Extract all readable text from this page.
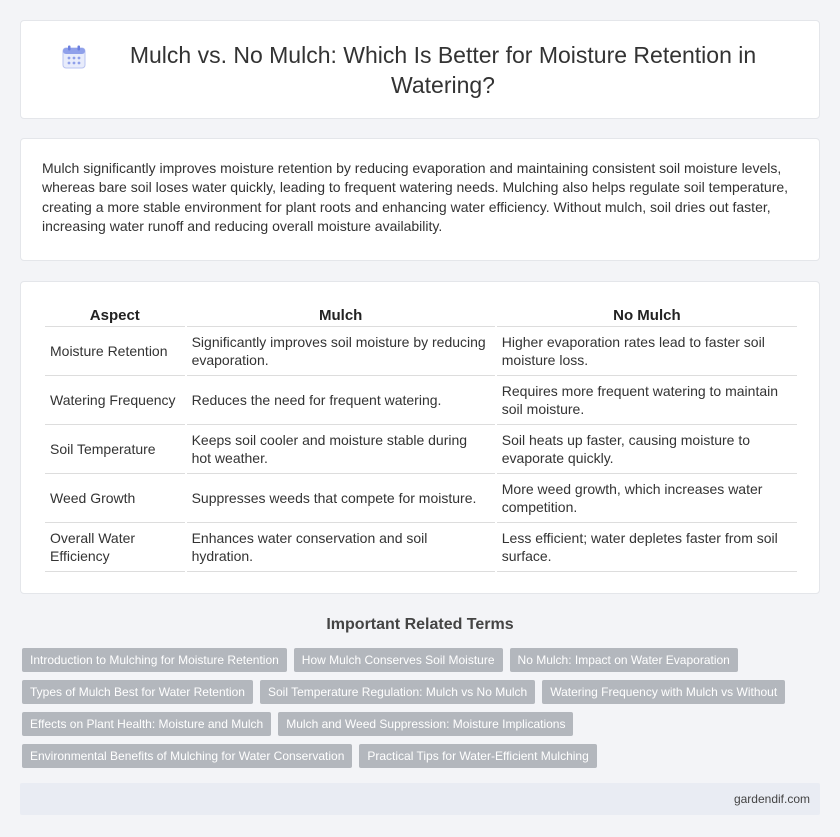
Mulch vs. No Mulch: Which Is Better for Moisture Retention in Watering?

Mulch significantly improves moisture retention by reducing evaporation and maintaining consistent soil moisture levels, whereas bare soil loses water quickly, leading to frequent watering needs. Mulching also helps regulate soil temperature, creating a more stable environment for plant roots and enhancing water efficiency. Without mulch, soil dries out faster, increasing water runoff and reducing overall moisture availability.

Aspect	Mulch	No Mulch
Moisture Retention	Significantly improves soil moisture by reducing evaporation.	Higher evaporation rates lead to faster soil moisture loss.
Watering Frequency	Reduces the need for frequent watering.	Requires more frequent watering to maintain soil moisture.
Soil Temperature	Keeps soil cooler and moisture stable during hot weather.	Soil heats up faster, causing moisture to evaporate quickly.
Weed Growth	Suppresses weeds that compete for moisture.	More weed growth, which increases water competition.
Overall Water Efficiency	Enhances water conservation and soil hydration.	Less efficient; water depletes faster from soil surface.
Important Related Terms
Introduction to Mulching for Moisture Retention	How Mulch Conserves Soil Moisture	No Mulch: Impact on Water Evaporation
Types of Mulch Best for Water Retention	Soil Temperature Regulation: Mulch vs No Mulch	Watering Frequency with Mulch vs Without
Effects on Plant Health: Moisture and Mulch	Mulch and Weed Suppression: Moisture Implications
Environmental Benefits of Mulching for Water Conservation	Practical Tips for Water-Efficient Mulching
gardendif.com
